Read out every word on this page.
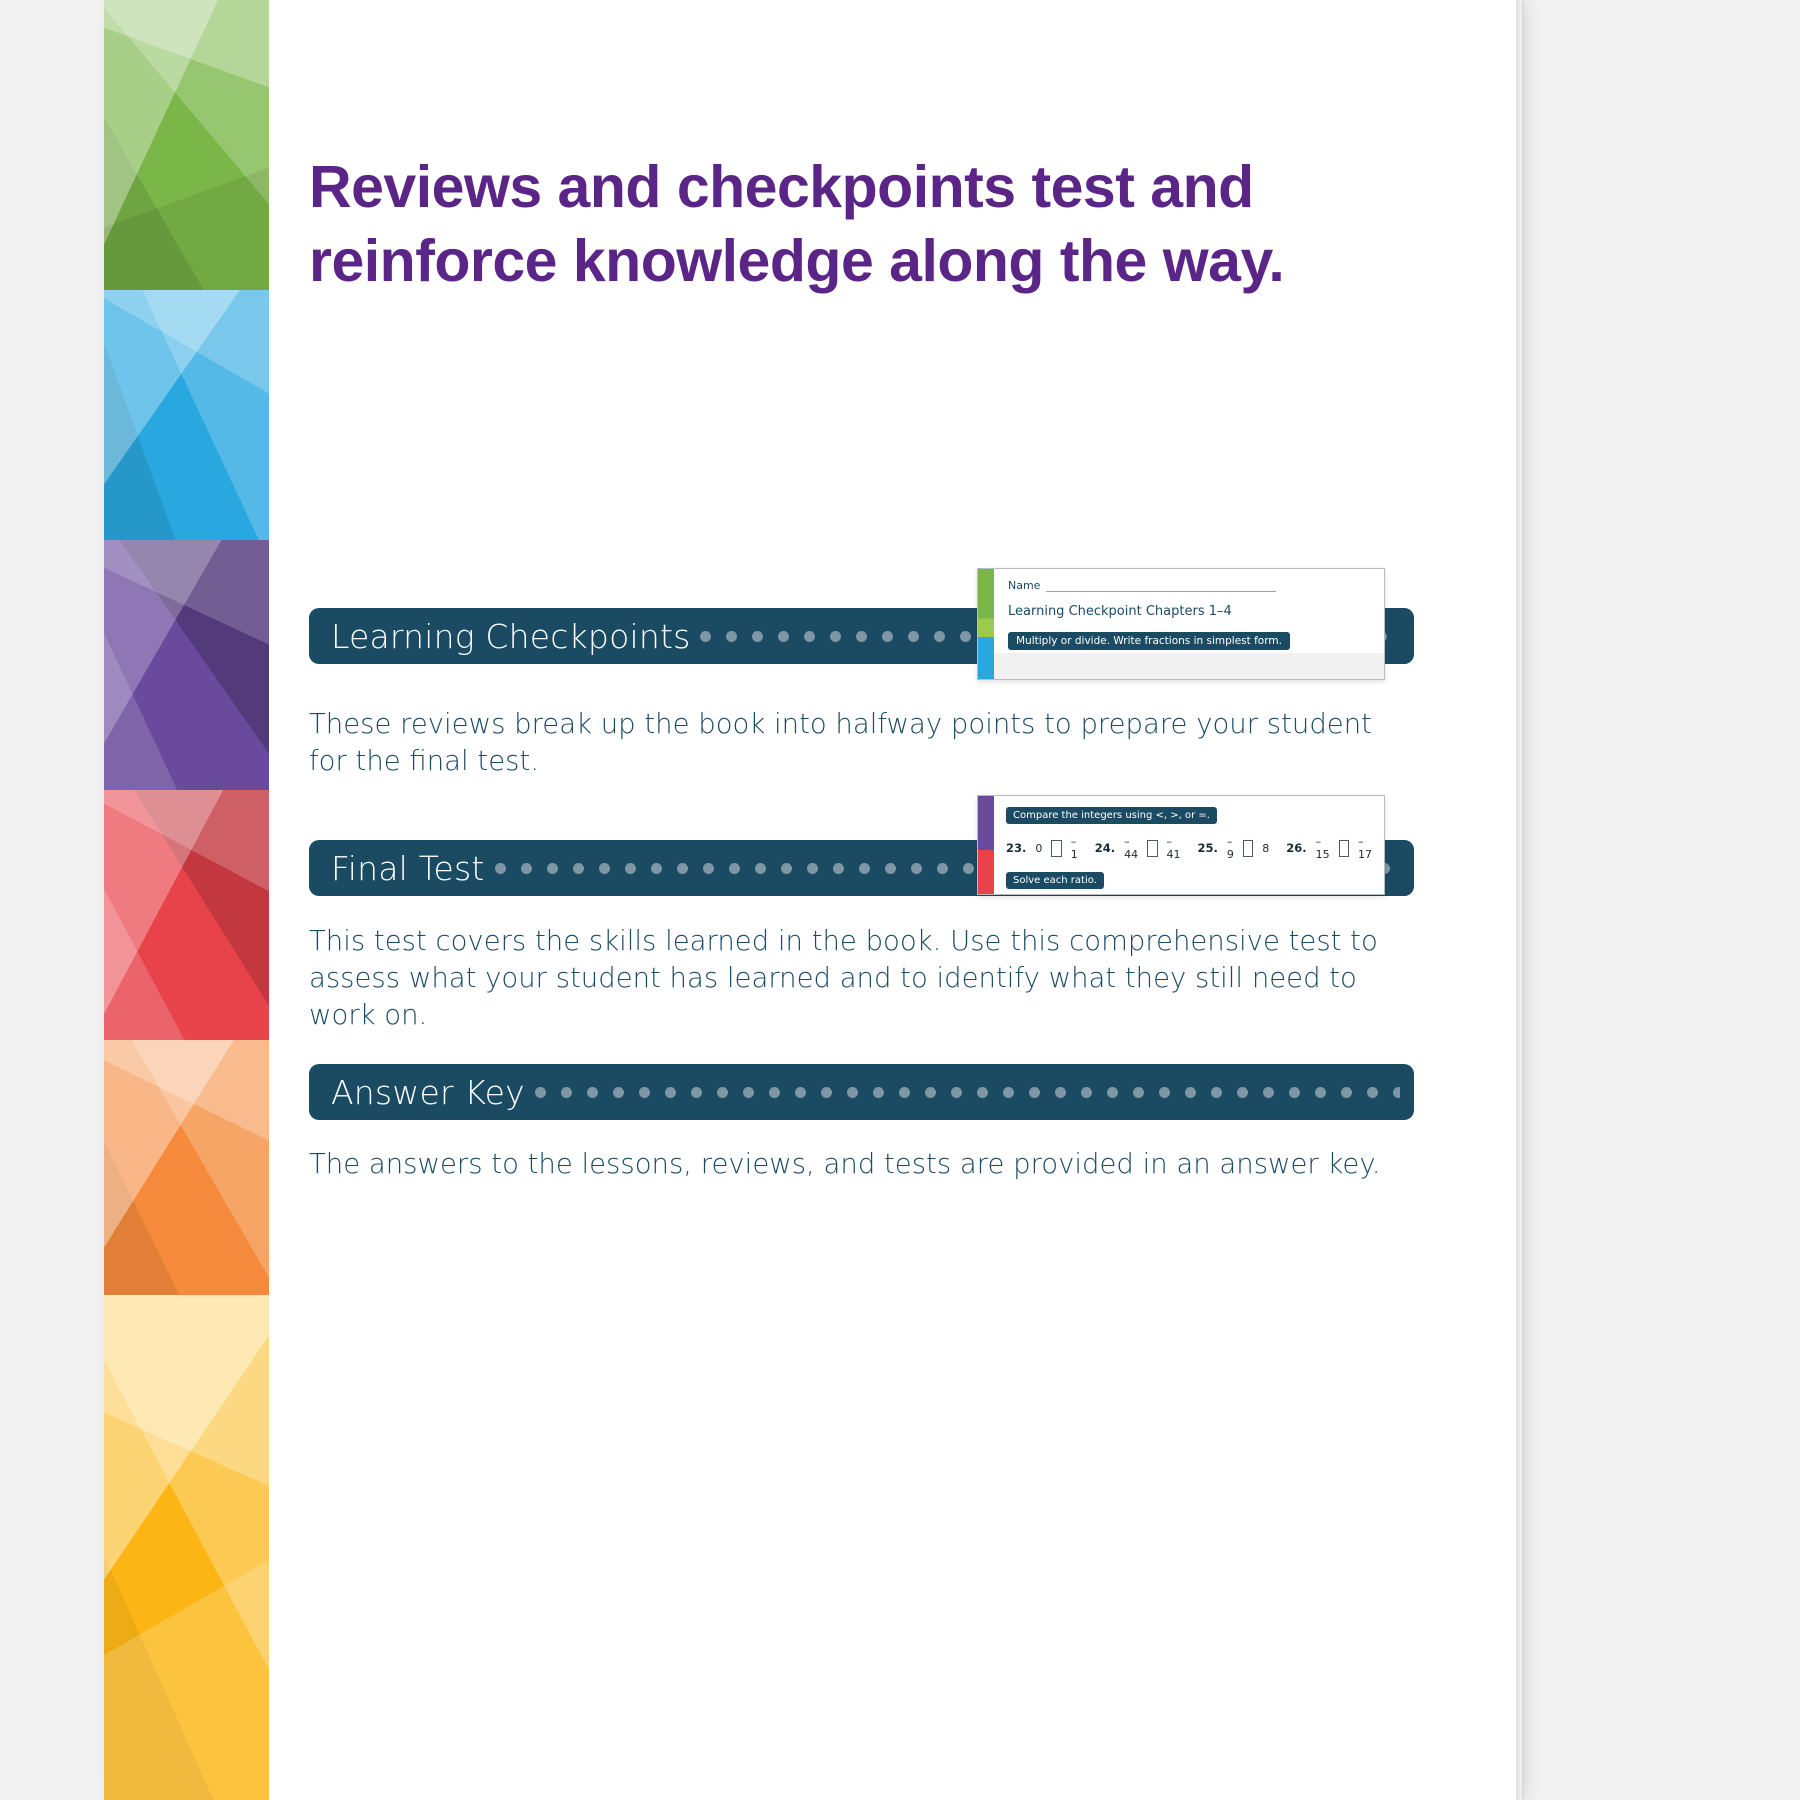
Reviews and checkpoints test and reinforce knowledge along the way.
Learning Checkpoints
Name
Learning Checkpoint Chapters 1–4
Multiply or divide. Write fractions in simplest form.
These reviews break up the book into halfway points to prepare your student for the final test.
Final Test
Compare the integers using <, >, or =.
23. 0	–1 24. –44
–41 25. –9	8 26. –15
–17
Solve each ratio.
This test covers the skills learned in the book. Use this comprehensive test to assess what your student has learned and to identify what they still need to work on.
Answer Key
The answers to the lessons, reviews, and tests are provided in an answer key.
